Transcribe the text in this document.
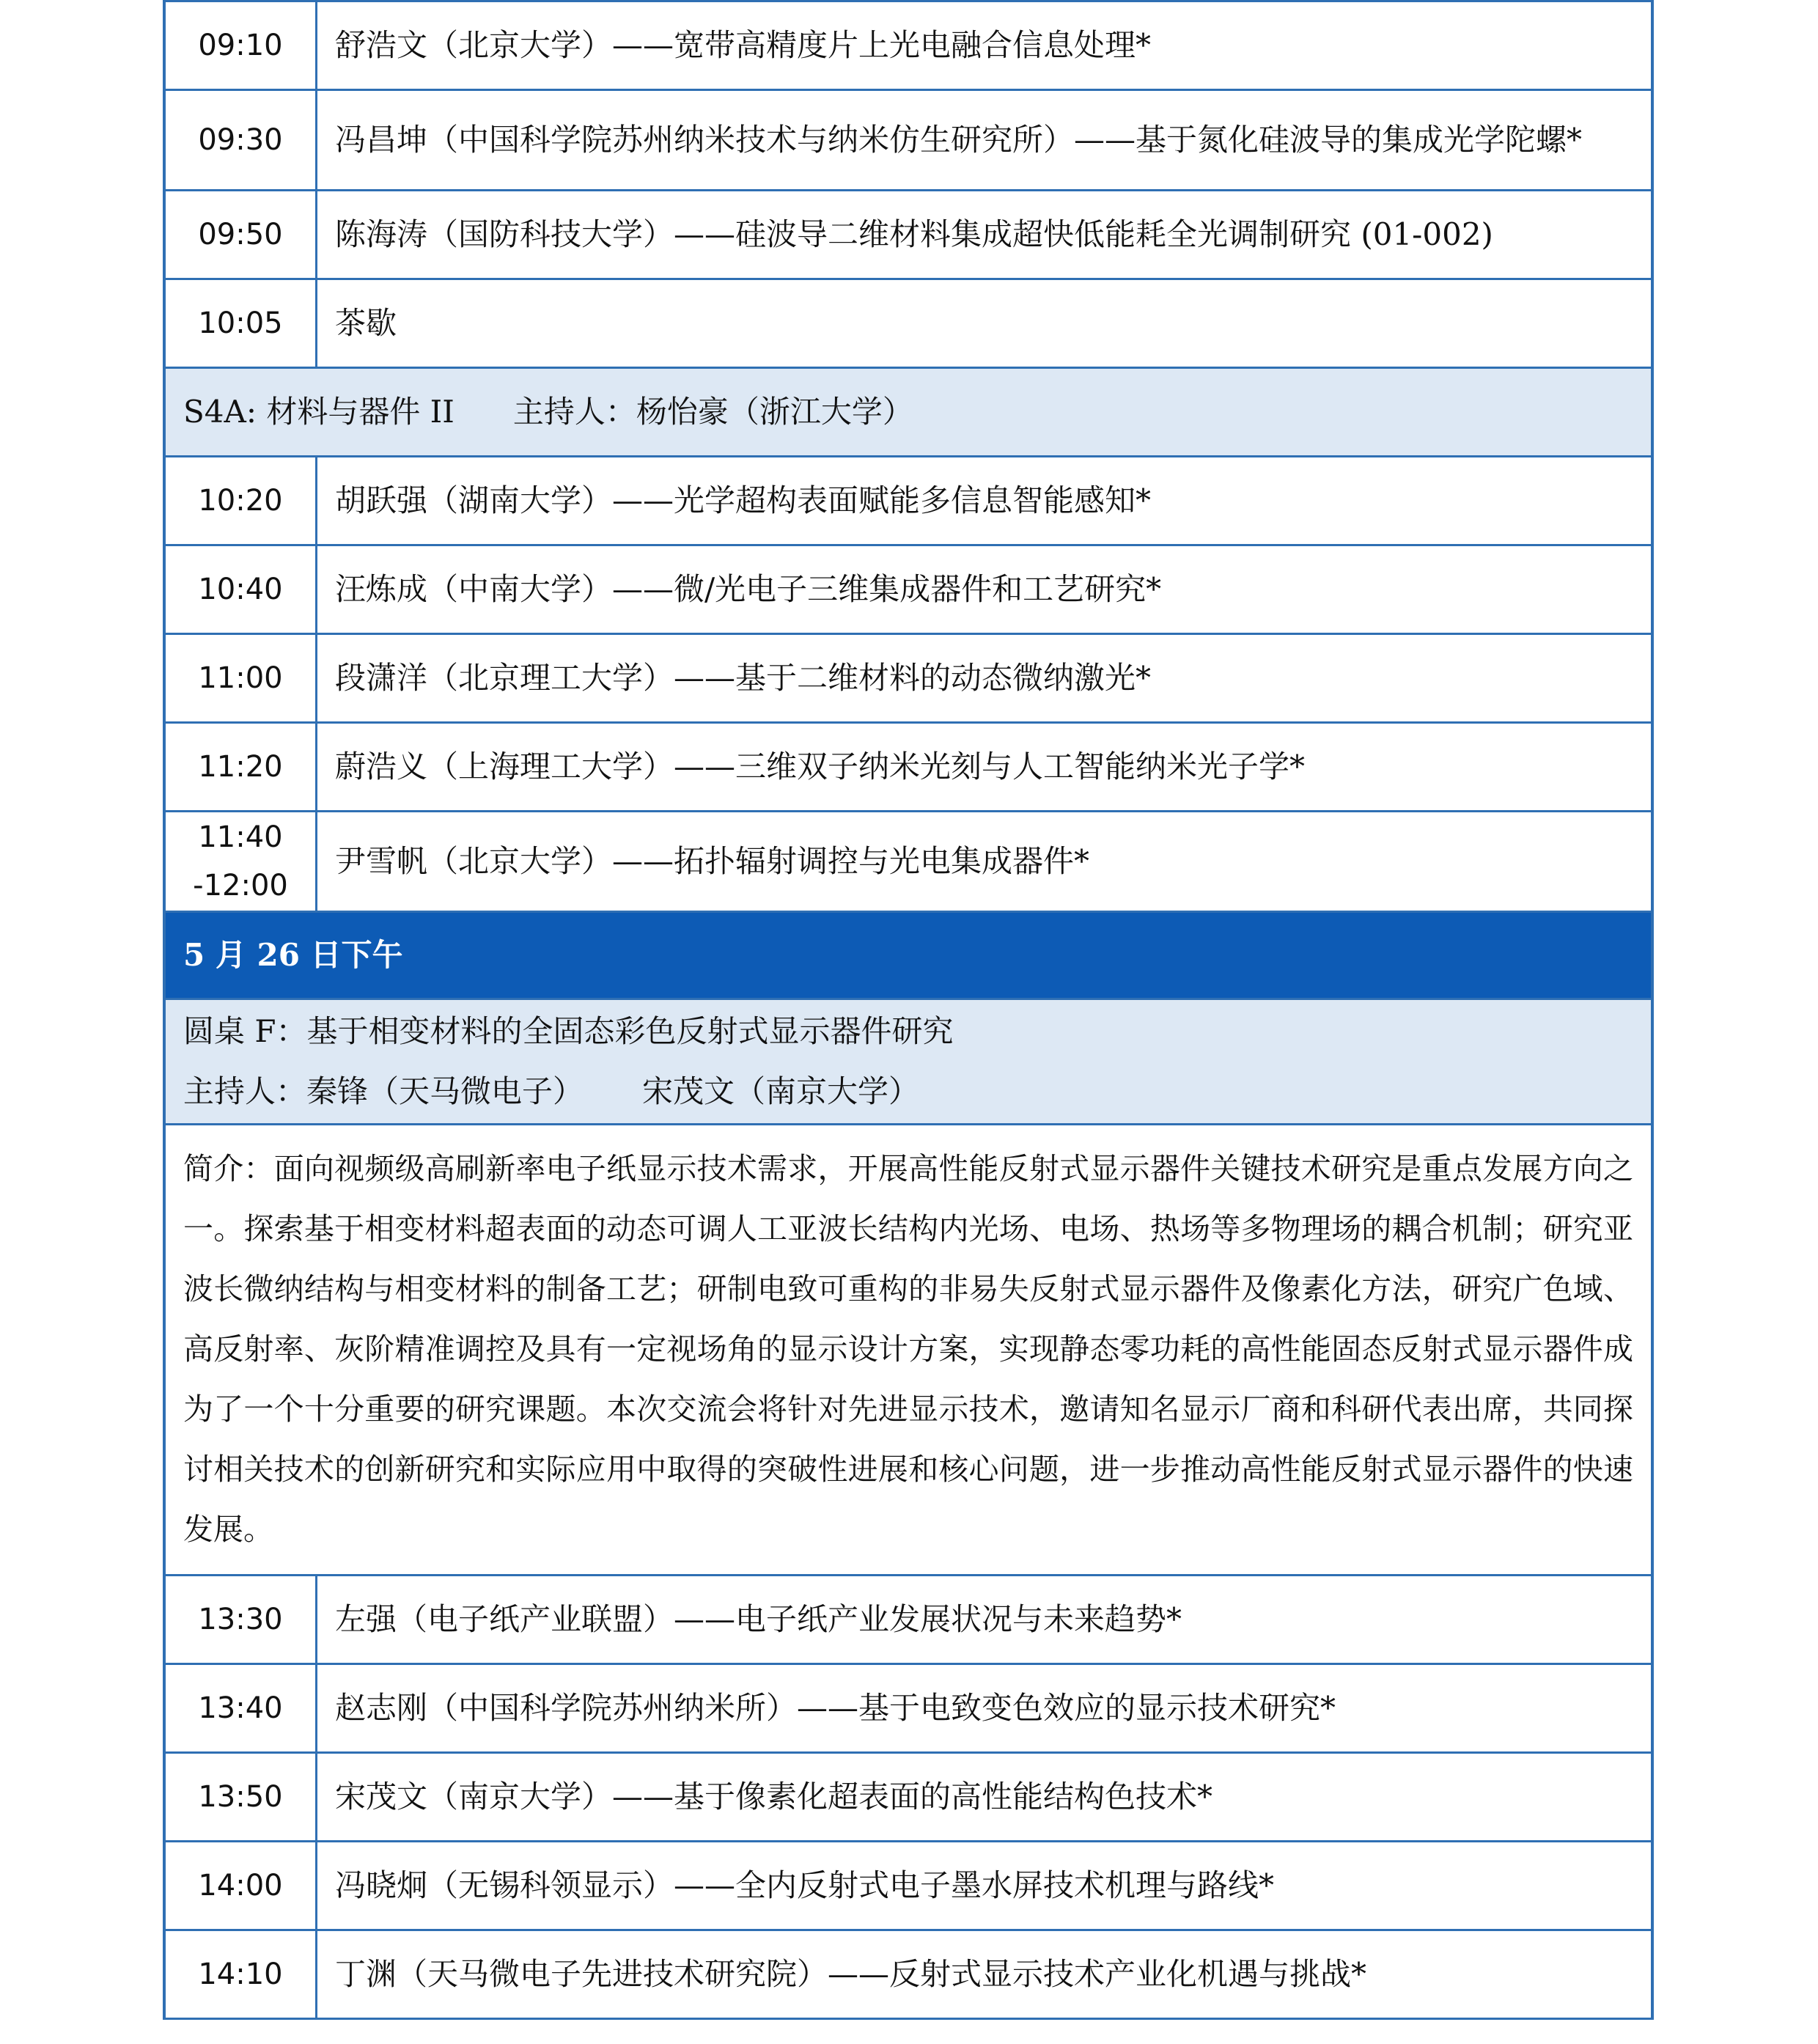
09:10	舒浩文（北京大学）——宽带高精度片上光电融合信息处理*
09:30	冯昌坤（中国科学院苏州纳米技术与纳米仿生研究所）——基于氮化硅波导的集成光学陀螺*
09:50	陈海涛（国防科技大学）——硅波导二维材料集成超快低能耗全光调制研究 (01-002)
10:05	茶歇
S4A: 材料与器件 II 主持人：杨怡豪（浙江大学）	
10:20	胡跃强（湖南大学）——光学超构表面赋能多信息智能感知*
10:40	汪炼成（中南大学）——微/光电子三维集成器件和工艺研究*
11:00	段潇洋（北京理工大学）——基于二维材料的动态微纳激光*
11:20	蔚浩义（上海理工大学）——三维双子纳米光刻与人工智能纳米光子学*

11:40
-12:00	尹雪帆（北京大学）——拓扑辐射调控与光电集成器件*
5 月 26 日下午	

圆桌 F：基于相变材料的全固态彩色反射式显示器件研究
主持人：秦锋（天马微电子） 宋茂文（南京大学）	

简介：面向视频级高刷新率电子纸显示技术需求，开展高性能反射式显示器件关键技术研究是重点发展方向之一。探索基于相变材料超表面的动态可调人工亚波长结构内光场、电场、热场等多物理场的耦合机制；研究亚波长微纳结构与相变材料的制备工艺；研制电致可重构的非易失反射式显示器件及像素化方法，研究广色域、高反射率、灰阶精准调控及具有一定视场角的显示设计方案，实现静态零功耗的高性能固态反射式显示器件成为了一个十分重要的研究课题。本次交流会将针对先进显示技术，邀请知名显示厂商和科研代表出席，共同探讨相关技术的创新研究和实际应用中取得的突破性进展和核心问题，进一步推动高性能反射式显示器件的快速发展。	
13:30	左强（电子纸产业联盟）——电子纸产业发展状况与未来趋势*
13:40	赵志刚（中国科学院苏州纳米所）——基于电致变色效应的显示技术研究*
13:50	宋茂文（南京大学）——基于像素化超表面的高性能结构色技术*
14:00	冯晓炯（无锡科领显示）——全内反射式电子墨水屏技术机理与路线*
14:10	丁渊（天马微电子先进技术研究院）——反射式显示技术产业化机遇与挑战*
